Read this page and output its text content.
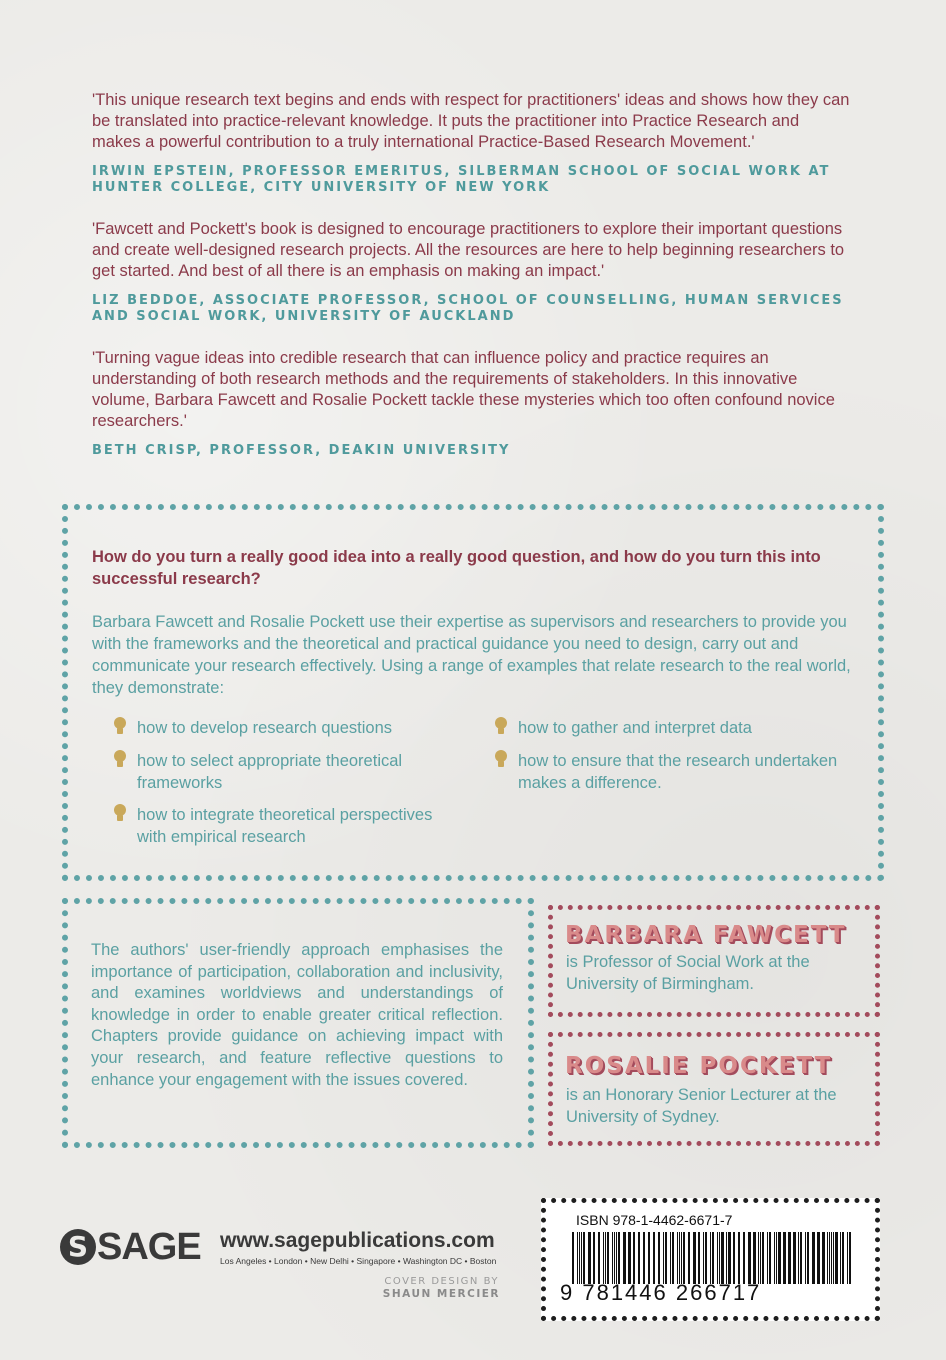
'This unique research text begins and ends with respect for practitioners' ideas and shows how they can be translated into practice-relevant knowledge. It puts the practitioner into Practice Research and makes a powerful contribution to a truly international Practice-Based Research Movement.'
IRWIN EPSTEIN, PROFESSOR EMERITUS, SILBERMAN SCHOOL OF SOCIAL WORK AT HUNTER COLLEGE, CITY UNIVERSITY OF NEW YORK
'Fawcett and Pockett's book is designed to encourage practitioners to explore their important questions and create well-designed research projects. All the resources are here to help beginning researchers to get started. And best of all there is an emphasis on making an impact.'
LIZ BEDDOE, ASSOCIATE PROFESSOR, SCHOOL OF COUNSELLING, HUMAN SERVICES AND SOCIAL WORK, UNIVERSITY OF AUCKLAND
'Turning vague ideas into credible research that can influence policy and practice requires an understanding of both research methods and the requirements of stakeholders. In this innovative volume, Barbara Fawcett and Rosalie Pockett tackle these mysteries which too often confound novice researchers.'
BETH CRISP, PROFESSOR, DEAKIN UNIVERSITY
How do you turn a really good idea into a really good question, and how do you turn this into successful research?
Barbara Fawcett and Rosalie Pockett use their expertise as supervisors and researchers to provide you with the frameworks and the theoretical and practical guidance you need to design, carry out and communicate your research effectively. Using a range of examples that relate research to the real world, they demonstrate:
how to develop research questions
how to select appropriate theoretical frameworks
how to integrate theoretical perspectives with empirical research
how to gather and interpret data
how to ensure that the research undertaken makes a difference.
The authors' user-friendly approach emphasises the importance of participation, collaboration and inclusivity, and examines worldviews and understandings of knowledge in order to enable greater critical reflection. Chapters provide guidance on achieving impact with your research, and feature reflective questions to enhance your engagement with the issues covered.
BARBARA FAWCETT
is Professor of Social Work at the University of Birmingham.
ROSALIE POCKETT
is an Honorary Senior Lecturer at the University of Sydney.
S SAGE www.sagepublications.com
Los Angeles • London • New Delhi • Singapore • Washington DC • Boston
COVER DESIGN BY
SHAUN MERCIER
ISBN 978-1-4462-6671-7
9 781446 266717
